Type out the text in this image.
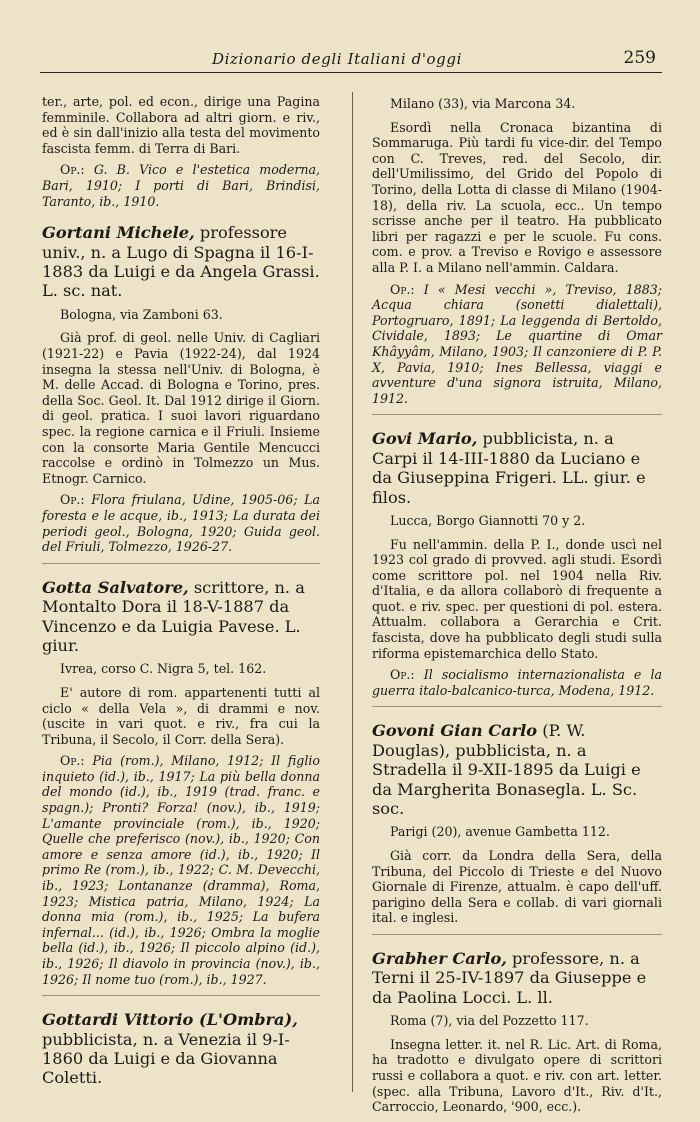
Dizionario degli Italiani d'oggi	259

ter., arte, pol. ed econ., dirige una Pagina femminile. Collabora ad altri giorn. e riv., ed è sin dall'inizio alla testa del movimento fascista femm. di Terra di Bari.

Op.: G. B. Vico e l'estetica moderna, Bari, 1910; I porti di Bari, Brindisi, Taranto, ib., 1910.

Gortani Michele, professore univ., n. a Lugo di Spagna il 16-I-1883 da Luigi e da Angela Grassi. L. sc. nat.

Bologna, via Zamboni 63.

Già prof. di geol. nelle Univ. di Cagliari (1921-22) e Pavia (1922-24), dal 1924 insegna la stessa nell'Univ. di Bologna, è M. delle Accad. di Bologna e Torino, pres. della Soc. Geol. It. Dal 1912 dirige il Giorn. di geol. pratica. I suoi lavori riguardano spec. la regione carnica e il Friuli. Insieme con la consorte Maria Gentile Mencucci raccolse e ordinò in Tolmezzo un Mus. Etnogr. Carnico.

Op.: Flora friulana, Udine, 1905-06; La foresta e le acque, ib., 1913; La durata dei periodi geol., Bologna, 1920; Guida geol. del Friuli, Tolmezzo, 1926-27.

Gotta Salvatore, scrittore, n. a Montalto Dora il 18-V-1887 da Vincenzo e da Luigia Pavese. L. giur.

Ivrea, corso C. Nigra 5, tel. 162.

E' autore di rom. appartenenti tutti al ciclo « della Vela », di drammi e nov. (uscite in vari quot. e riv., fra cui la Tribuna, il Secolo, il Corr. della Sera).

Op.: Pia (rom.), Milano, 1912; Il figlio inquieto (id.), ib., 1917; La più bella donna del mondo (id.), ib., 1919 (trad. franc. e spagn.); Pronti? Forza! (nov.), ib., 1919; L'amante provinciale (rom.), ib., 1920; Quelle che preferisco (nov.), ib., 1920; Con amore e senza amore (id.), ib., 1920; Il primo Re (rom.), ib., 1922; C. M. Devecchi, ib., 1923; Lontananze (dramma), Roma, 1923; Mistica patria, Milano, 1924; La donna mia (rom.), ib., 1925; La bufera infernal... (id.), ib., 1926; Ombra la moglie bella (id.), ib., 1926; Il piccolo alpino (id.), ib., 1926; Il diavolo in provincia (nov.), ib., 1926; Il nome tuo (rom.), ib., 1927.

Gottardi Vittorio (L'Ombra), pubblicista, n. a Venezia il 9-I-1860 da Luigi e da Giovanna Coletti.

Milano (33), via Marcona 34.

Esordì nella Cronaca bizantina di Sommaruga. Più tardi fu vice-dir. del Tempo con C. Treves, red. del Secolo, dir. dell'Umilissimo, del Grido del Popolo di Torino, della Lotta di classe di Milano (1904-18), della riv. La scuola, ecc.. Un tempo scrisse anche per il teatro. Ha pubblicato libri per ragazzi e per le scuole. Fu cons. com. e prov. a Treviso e Rovigo e assessore alla P. I. a Milano nell'ammin. Caldara.

Op.: I « Mesi vecchi », Treviso, 1883; Acqua chiara (sonetti dialettali), Portogruaro, 1891; La leggenda di Bertoldo, Cividale, 1893; Le quartine di Omar Khâyyâm, Milano, 1903; Il canzoniere di P. P. X, Pavia, 1910; Ines Bellessa, viaggi e avventure d'una signora istruita, Milano, 1912.

Govi Mario, pubblicista, n. a Carpi il 14-III-1880 da Luciano e da Giuseppina Frigeri. LL. giur. e filos.

Lucca, Borgo Giannotti 70 y 2.

Fu nell'ammin. della P. I., donde uscì nel 1923 col grado di provved. agli studi. Esordì come scrittore pol. nel 1904 nella Riv. d'Italia, e da allora collaborò di frequente a quot. e riv. spec. per questioni di pol. estera. Attualm. collabora a Gerarchia e Crit. fascista, dove ha pubblicato degli studi sulla riforma epistemarchica dello Stato.

Op.: Il socialismo internazionalista e la guerra italo-balcanico-turca, Modena, 1912.

Govoni Gian Carlo (P. W. Douglas), pubblicista, n. a Stradella il 9-XII-1895 da Luigi e da Margherita Bonasegla. L. Sc. soc.

Parigi (20), avenue Gambetta 112.

Già corr. da Londra della Sera, della Tribuna, del Piccolo di Trieste e del Nuovo Giornale di Firenze, attualm. è capo dell'uff. parigino della Sera e collab. di vari giornali ital. e inglesi.

Grabher Carlo, professore, n. a Terni il 25-IV-1897 da Giuseppe e da Paolina Locci. L. ll.

Roma (7), via del Pozzetto 117.

Insegna letter. it. nel R. Lic. Art. di Roma, ha tradotto e divulgato opere di scrittori russi e collabora a quot. e riv. con art. letter. (spec. alla Tribuna, Lavoro d'It., Riv. d'It., Carroccio, Leonardo, '900, ecc.).
